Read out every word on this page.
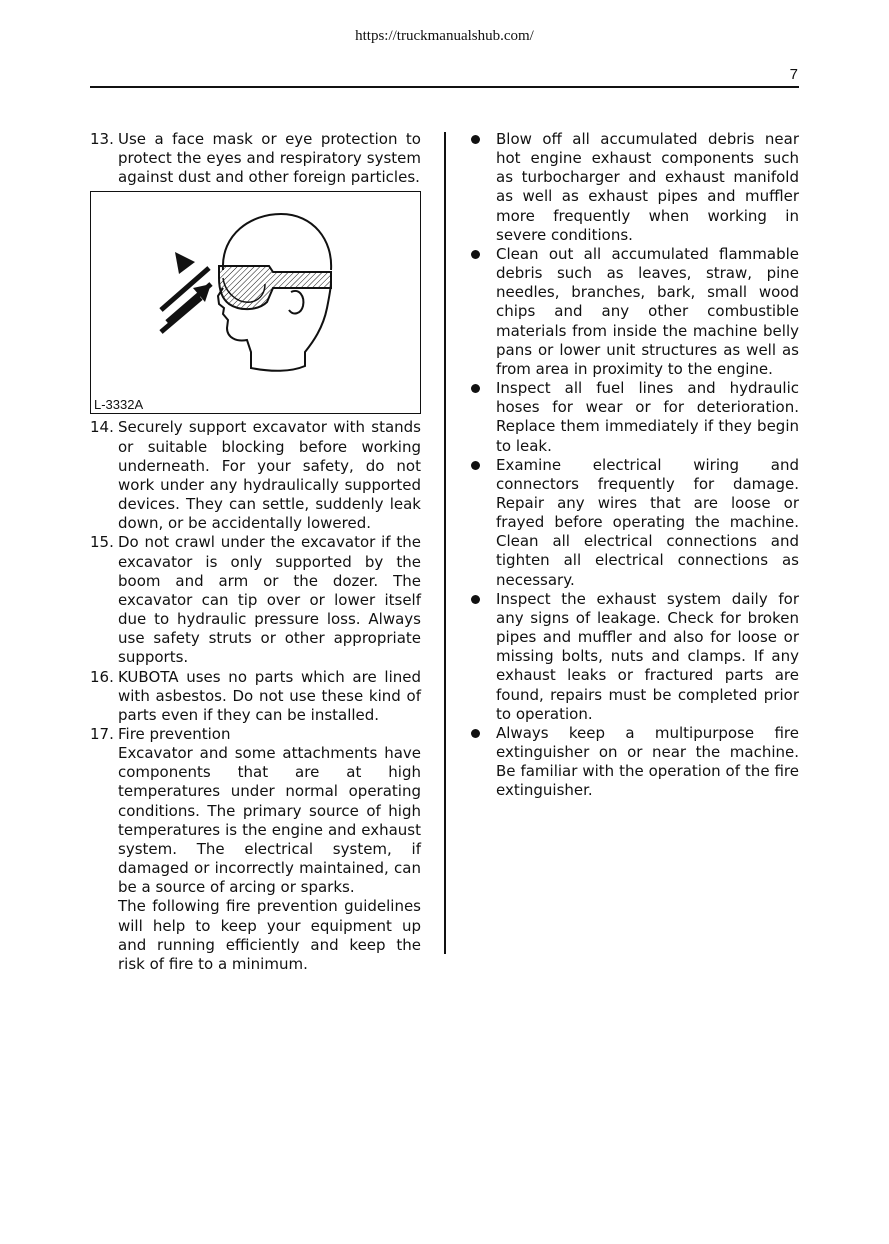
https://truckmanualshub.com/
7
13. Use a face mask or eye protection to protect the eyes and respiratory system against dust and other foreign particles.
L-3332A
14. Securely support excavator with stands or suitable blocking before working underneath. For your safety, do not work under any hydraulically supported devices. They can settle, suddenly leak down, or be accidentally lowered.
15. Do not crawl under the excavator if the excavator is only supported by the boom and arm or the dozer. The excavator can tip over or lower itself due to hydraulic pressure loss. Always use safety struts or other appropriate supports.
16. KUBOTA uses no parts which are lined with asbestos. Do not use these kind of parts even if they can be installed.
17. Fire prevention

Excavator and some attachments have components that are at high temperatures under normal operating conditions. The primary source of high temperatures is the engine and exhaust system. The electrical system, if damaged or incorrectly maintained, can be a source of arcing or sparks.

The following fire prevention guidelines will help to keep your equipment up and running efficiently and keep the risk of fire to a minimum.

Blow off all accumulated debris near hot engine exhaust components such as turbocharger and exhaust manifold as well as exhaust pipes and muffler more frequently when working in severe conditions.
Clean out all accumulated flammable debris such as leaves, straw, pine needles, branches, bark, small wood chips and any other combustible materials from inside the machine belly pans or lower unit structures as well as from area in proximity to the engine.
Inspect all fuel lines and hydraulic hoses for wear or for deterioration. Replace them immediately if they begin to leak.
Examine electrical wiring and connectors frequently for damage. Repair any wires that are loose or frayed before operating the machine. Clean all electrical connections and tighten all electrical connections as necessary.
Inspect the exhaust system daily for any signs of leakage. Check for broken pipes and muffler and also for loose or missing bolts, nuts and clamps. If any exhaust leaks or fractured parts are found, repairs must be completed prior to operation.
Always keep a multipurpose fire extinguisher on or near the machine. Be familiar with the operation of the fire extinguisher.
